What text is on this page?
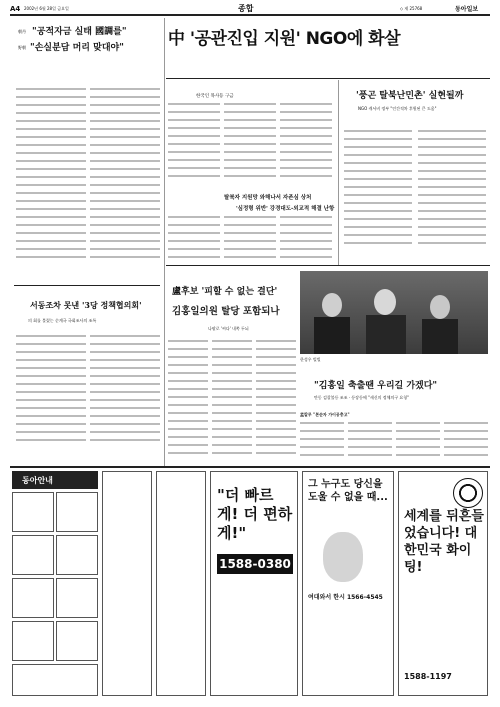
A4 2002년 6월 28일 금요일	종합	◇ 제 25768	동아일보
朝丹 "공적자금 실태 國調를"
野朝 "손실분담 머리 맞대야"
서동조차 못낸 '3당 정책협의회'
의 회를 불렸는 순계국 국회조사의 조특
中 '공관진입 지원' NGO에 화살
한국인 목사등 구금
탈북자 지원망 와해나서 자존심 상처
'심정형 위반' 강경대도-외교적 해결 난항
'풍곤 탈북난민촌' 실현될까
NGO 캐서비 정부 "인간적차 후원된 큰 도움"
盧후보 '피할 수 없는 결단'
김홍일의원 탈당 포함되나
나팔로 '씨다' 내쪽 두뇌
한성우 빌빌
"김홍일 축출땐 우리길 가겠다"
만동 검찰볼등 조조 · 등장등에 "새신의 정체의구 요청"
孟칼무 "본순자 가이공충고"
동아안내
"더 빠르게! 더 편하게!"
1588-0380
그 누구도 당신을 도울 수 없을 때...
여대와서 한시 1566-4545
세계를 뒤흔들었습니다! 대한민국 화이팅!
1588-1197
